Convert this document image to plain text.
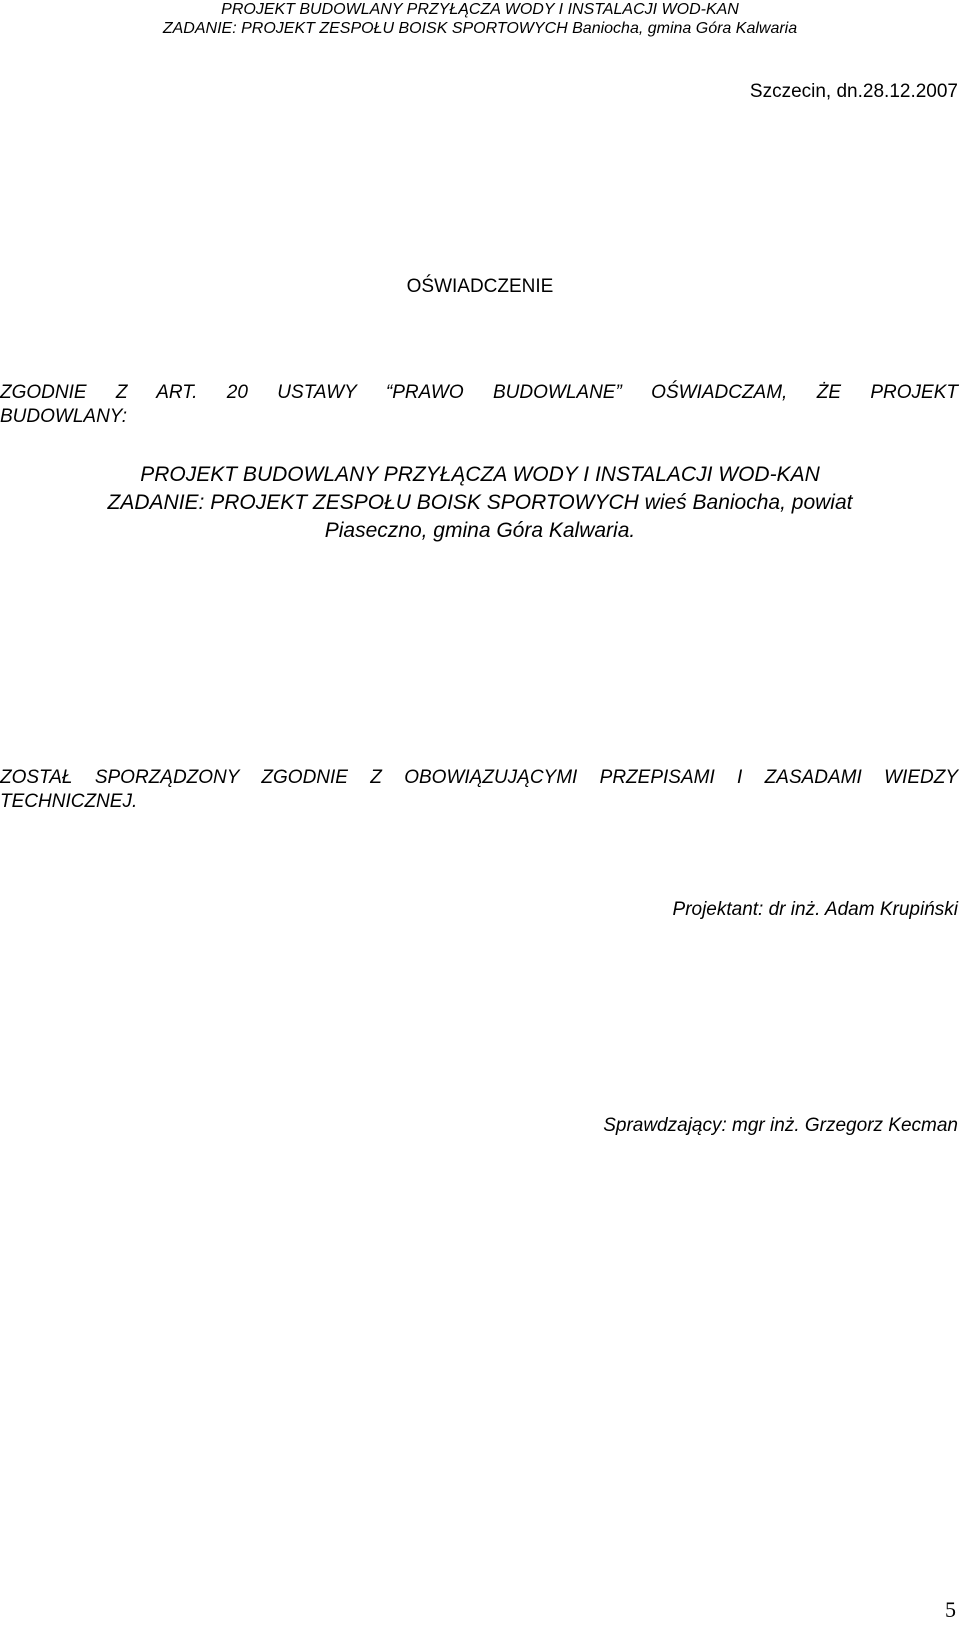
PROJEKT BUDOWLANY PRZYŁĄCZA WODY I INSTALACJI WOD-KAN
ZADANIE: PROJEKT ZESPOŁU BOISK SPORTOWYCH Baniocha, gmina Góra Kalwaria
Szczecin, dn.28.12.2007
OŚWIADCZENIE
ZGODNIE Z ART. 20 USTAWY “PRAWO BUDOWLANE” OŚWIADCZAM, ŻE PROJEKT
BUDOWLANY:
PROJEKT BUDOWLANY PRZYŁĄCZA WODY I INSTALACJI WOD-KAN
ZADANIE: PROJEKT ZESPOŁU BOISK SPORTOWYCH wieś Baniocha, powiat
Piaseczno, gmina Góra Kalwaria.
ZOSTAŁ SPORZĄDZONY ZGODNIE Z OBOWIĄZUJĄCYMI PRZEPISAMI I ZASADAMI WIEDZY
TECHNICZNEJ.
Projektant: dr inż. Adam Krupiński
Sprawdzający: mgr inż. Grzegorz Kecman
5
